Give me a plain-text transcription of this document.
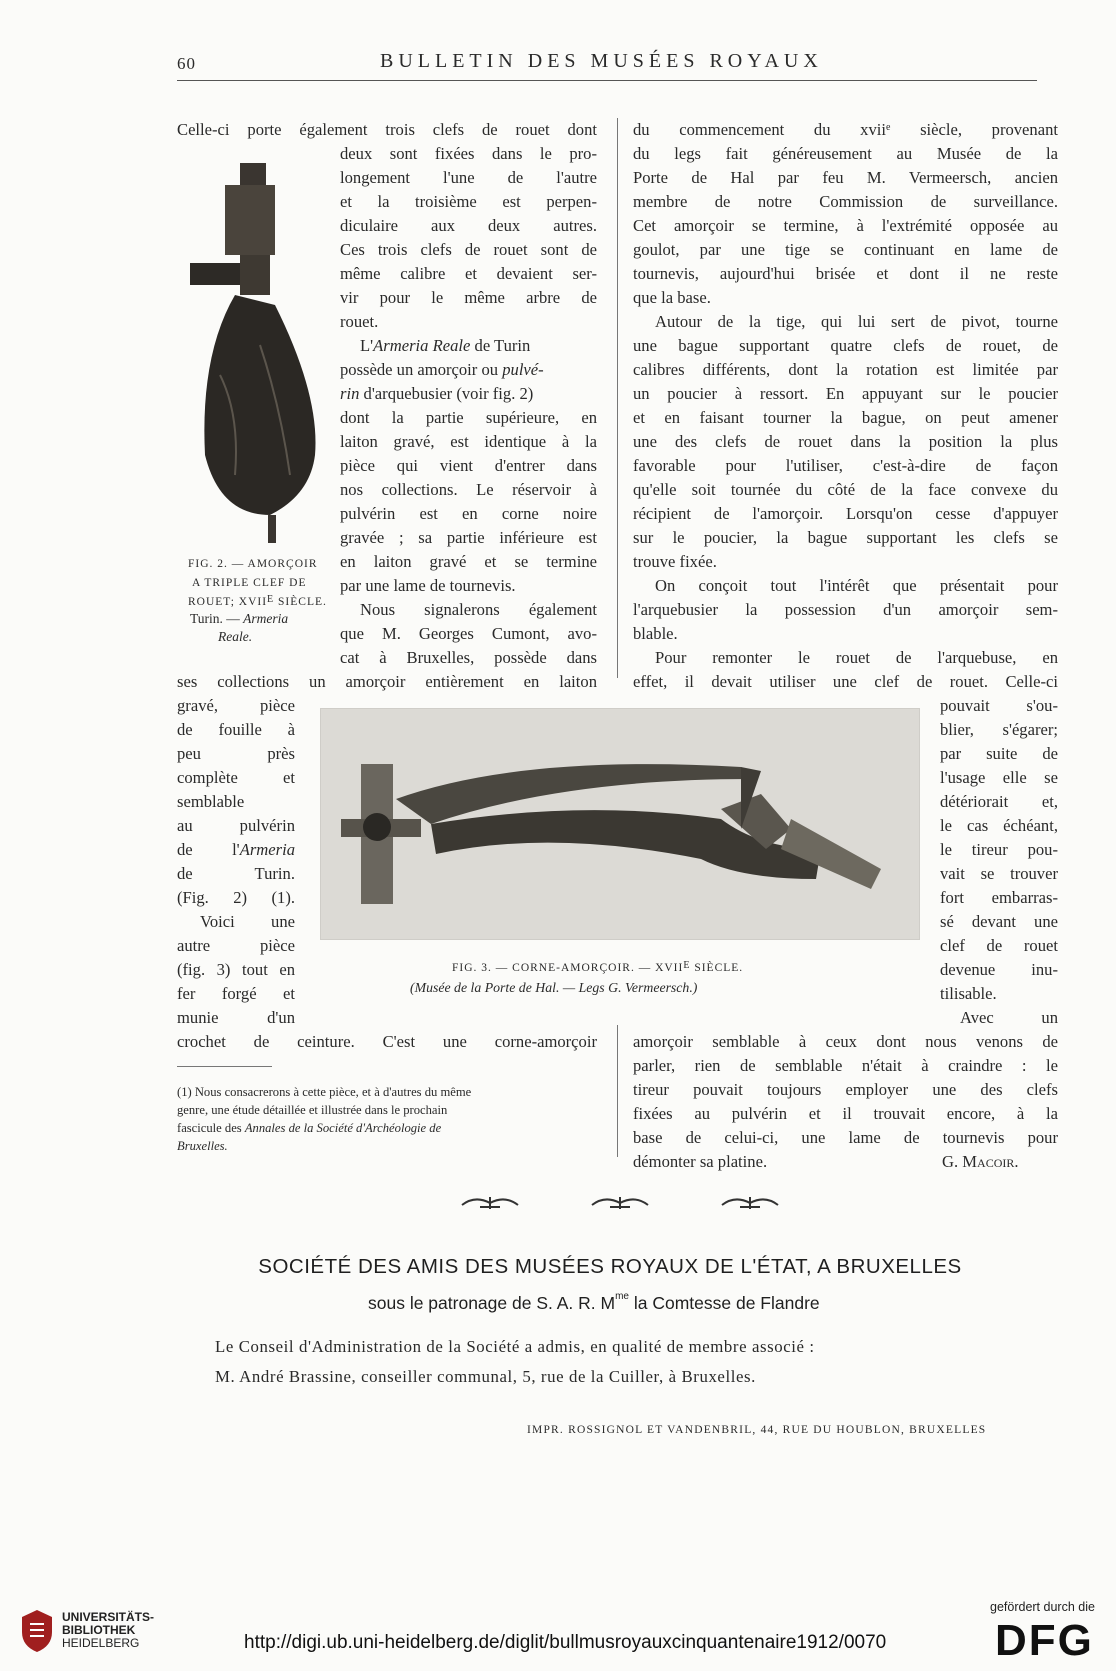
60	BULLETIN DES MUSÉES ROYAUX
Celle-ci porte également trois clefs de rouet dont
deux sont fixées dans le pro-
longement l'une de l'autre
et la troisième est perpen-
diculaire aux deux autres.
Ces trois clefs de rouet sont de
même calibre et devaient ser-
vir pour le même arbre de
rouet.
L'Armeria Reale de Turin
possède un amorçoir ou pulvé-
rin d'arquebusier (voir fig. 2)
dont la partie supérieure, en
laiton gravé, est identique à la
pièce qui vient d'entrer dans
nos collections. Le réservoir à
pulvérin est en corne noire
gravée ; sa partie inférieure est
en laiton gravé et se termine
par une lame de tournevis.
Nous signalerons également
que M. Georges Cumont, avo-
cat à Bruxelles, possède dans
ses collections un amorçoir entièrement en laiton
gravé, pièce
de fouille à
peu près
complète et
semblable
au pulvérin
de l'Armeria
de Turin.
(Fig. 2) (1).
Voici une
autre pièce
(fig. 3) tout en
fer forgé et
munie d'un
crochet de ceinture. C'est une corne-amorçoir
FIG. 2. — AMORÇOIR
A TRIPLE CLEF DE
ROUET; XVIIE SIÈCLE.
Turin. — Armeria
Reale.
FIG. 3. — CORNE-AMORÇOIR. — XVIIE SIÈCLE.
(Musée de la Porte de Hal. — Legs G. Vermeersch.)
(1) Nous consacrerons à cette pièce, et à d'autres du même
genre, une étude détaillée et illustrée dans le prochain
fascicule des Annales de la Société d'Archéologie de
Bruxelles.
du commencement du xvii$^e$ siècle, provenant
du legs fait généreusement au Musée de la
Porte de Hal par feu M. Vermeersch, ancien
membre de notre Commission de surveillance.
Cet amorçoir se termine, à l'extrémité opposée au
goulot, par une tige se continuant en lame de
tournevis, aujourd'hui brisée et dont il ne reste
que la base.
Autour de la tige, qui lui sert de pivot, tourne
une bague supportant quatre clefs de rouet, de
calibres différents, dont la rotation est limitée par
un poucier à ressort. En appuyant sur le poucier
et en faisant tourner la bague, on peut amener
une des clefs de rouet dans la position la plus
favorable pour l'utiliser, c'est-à-dire de façon
qu'elle soit tournée du côté de la face convexe du
récipient de l'amorçoir. Lorsqu'on cesse d'appuyer
sur le poucier, la bague supportant les clefs se
trouve fixée.
On conçoit tout l'intérêt que présentait pour
l'arquebusier la possession d'un amorçoir sem-
blable.
Pour remonter le rouet de l'arquebuse, en
effet, il devait utiliser une clef de rouet. Celle-ci
pouvait s'ou-
blier, s'égarer;
par suite de
l'usage elle se
détériorait et,
le cas échéant,
le tireur pou-
vait se trouver
fort embarras-
sé devant une
clef de rouet
devenue inu-
tilisable.
Avec un
amorçoir semblable à ceux dont nous venons de
parler, rien de semblable n'était à craindre : le
tireur pouvait toujours employer une des clefs
fixées au pulvérin et il trouvait encore, à la
base de celui-ci, une lame de tournevis pour
démonter sa platine.	G. Macoir.
SOCIÉTÉ DES AMIS DES MUSÉES ROYAUX DE L'ÉTAT, A BRUXELLES
sous le patronage de S. A. R. $M^{me}$ la Comtesse de Flandre
Le Conseil d'Administration de la Société a admis, en qualité de membre associé :
M. André Brassine, conseiller communal, 5, rue de la Cuiller, à Bruxelles.
IMPR. ROSSIGNOL ET VANDENBRIL, 44, RUE DU HOUBLON, BRUXELLES
UNIVERSITÄTS-
BIBLIOTHEK
HEIDELBERG	http://digi.ub.uni-heidelberg.de/diglit/bullmusroyauxcinquantenaire1912/0070
gefördert durch die
DFG
